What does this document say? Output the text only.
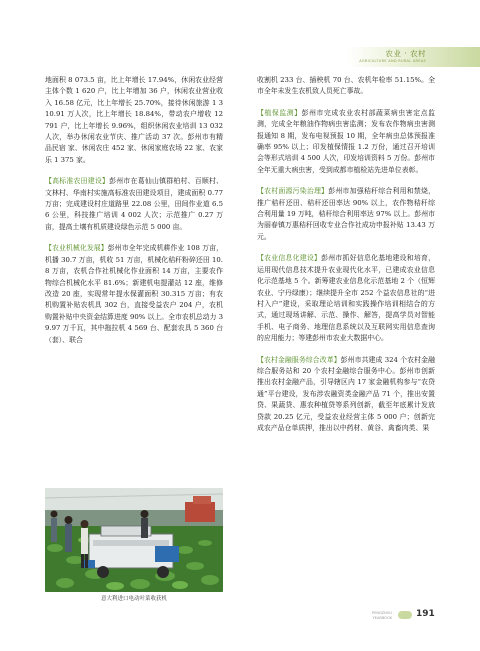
农业 · 农村
AGRICULTURE AND RURAL AREAS

地面积 8 073.5 亩，比上年增长 17.94%，休闲农业经营主体个数 1 620 户，比上年增加 36 户，休闲农业营业收入 16.58 亿元，比上年增长 25.70%，接待休闲旅游 1 310.91 万人次，比上年增长 18.84%，带动农户增收 12 791 户，比上年增长 9.96%，组织休闲农业培训 13 032 人次，举办休闲农业节庆、推广活动 37 次。彭州市有精品民宿 家、休闲农庄 452 家、休闲家庭农场 22 家、农家乐 1 375 家。

【高标准农田建设】彭州市在葛仙山镇群柏村、百顺村、文林村、华南村实施高标准农田建设项目，建成面积 0.77 万亩；完成建设村庄道路里 22.08 公里，田间作业道 6.56 公里，科技推广培训 4 002 人次；示范推广 0.27 万亩，提高土壤有机质建设绿色示范 5 000 亩。

【农业机械化发展】彭州市全年完成机耕作业 108 万亩，机播 30.7 万亩，机收 51 万亩，机械化秸秆粉碎还田 10.8 万亩，农机合作社机械化作业面积 14 万亩，主要农作物综合机械化水平 81.6%；新建机电提灌站 12 座，维修改造 20 座，实现常年提水保灌面积 30.315 万亩；有农机购置补贴农机具 302 台，直接受益农户 204 户，农机购置补贴中央资金结算进度 90% 以上。全市农机总动力 39.97 万千瓦，其中拖拉机 4 569 台、配套农具 5 360 台（套）、联合

意大利进口电动叶菜收获机

收割机 233 台、插秧机 70 台、农机年检率 51.15%。全市全年未发生农机致人员死亡事故。

【植保监测】彭州市完成农业农村部蔬菜病虫害定点监测，完成全年粮油作物病虫害监测；发布农作物病虫害测报通知 8 期，发布电视预报 10 期，全年病虫总体预报准确率 95% 以上；印发植保情报 1.2 万份，通过召开培训会等形式培训 4 500 人次，印发培训资料 5 万份。彭州市全年无重大病虫害，受到成都市植检站先进单位表彰。

【农村面源污染治理】彭州市加强秸秆综合利用和禁烧，推广秸秆还田、秸秆还田率达 90% 以上，农作物秸秆综合利用量 19 万吨，秸秆综合利用率达 97% 以上。彭州市为丽春镇万惠秸秆回收专业合作社成功申报补贴 13.43 万元。

【农业信息化建设】彭州市抓好信息化基地建设和培育，运用现代信息技术提升农业现代化水平，已建成农业信息化示范基地 5 个。新筹建农业信息化示范基地 2 个（恒辉农业、宁丹绿康）；继续提升全市 252 个益农信息社的“进村入户”建设，采取理论培训和实践操作培训相结合的方式，通过现场讲解、示范、操作、解答，提高学员对智能手机、电子商务、地理信息系统以及互联网实用信息查询的应用能力；等建彭州市农业大数据中心。

【农村金融服务综合改革】彭州市共建成 324 个农村金融综合服务站和 20 个农村金融综合服务中心。彭州市创新推出农村金融产品，引导辖区内 17 家金融机构参与“农贷通”平台建设，发布涉农融资类金融产品 71 个，推出安置贷、果蔬贷、惠农种植贷等系列创新，截至年底累计发放贷款 20.25 亿元，受益农业经营主体 5 000 户；创新完成农产品仓单质押，推出以中药材、黄谷、禽畜肉类、果

PENGZHOU
YEARBOOK	191
